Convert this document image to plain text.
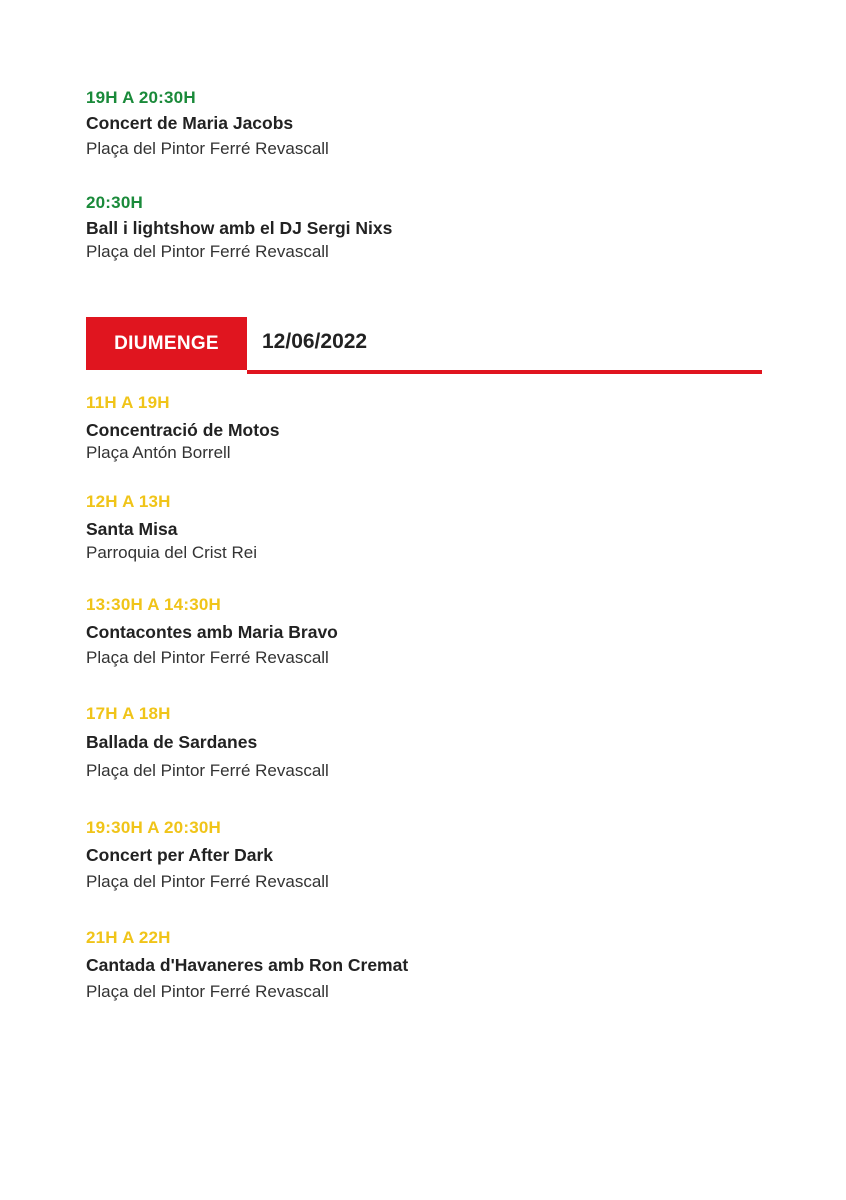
19H A 20:30H
Concert de Maria Jacobs
Plaça del Pintor Ferré Revascall
20:30H
Ball i lightshow amb el DJ Sergi Nixs
Plaça del Pintor Ferré Revascall
DIUMENGE	12/06/2022
11H A 19H
Concentració de Motos
Plaça Antón Borrell
12H A 13H
Santa Misa
Parroquia del Crist Rei
13:30H A 14:30H
Contacontes amb Maria Bravo
Plaça del Pintor Ferré Revascall
17H A 18H
Ballada de Sardanes
Plaça del Pintor Ferré Revascall
19:30H A 20:30H
Concert per After Dark
Plaça del Pintor Ferré Revascall
21H A 22H
Cantada d'Havaneres amb Ron Cremat
Plaça del Pintor Ferré Revascall
